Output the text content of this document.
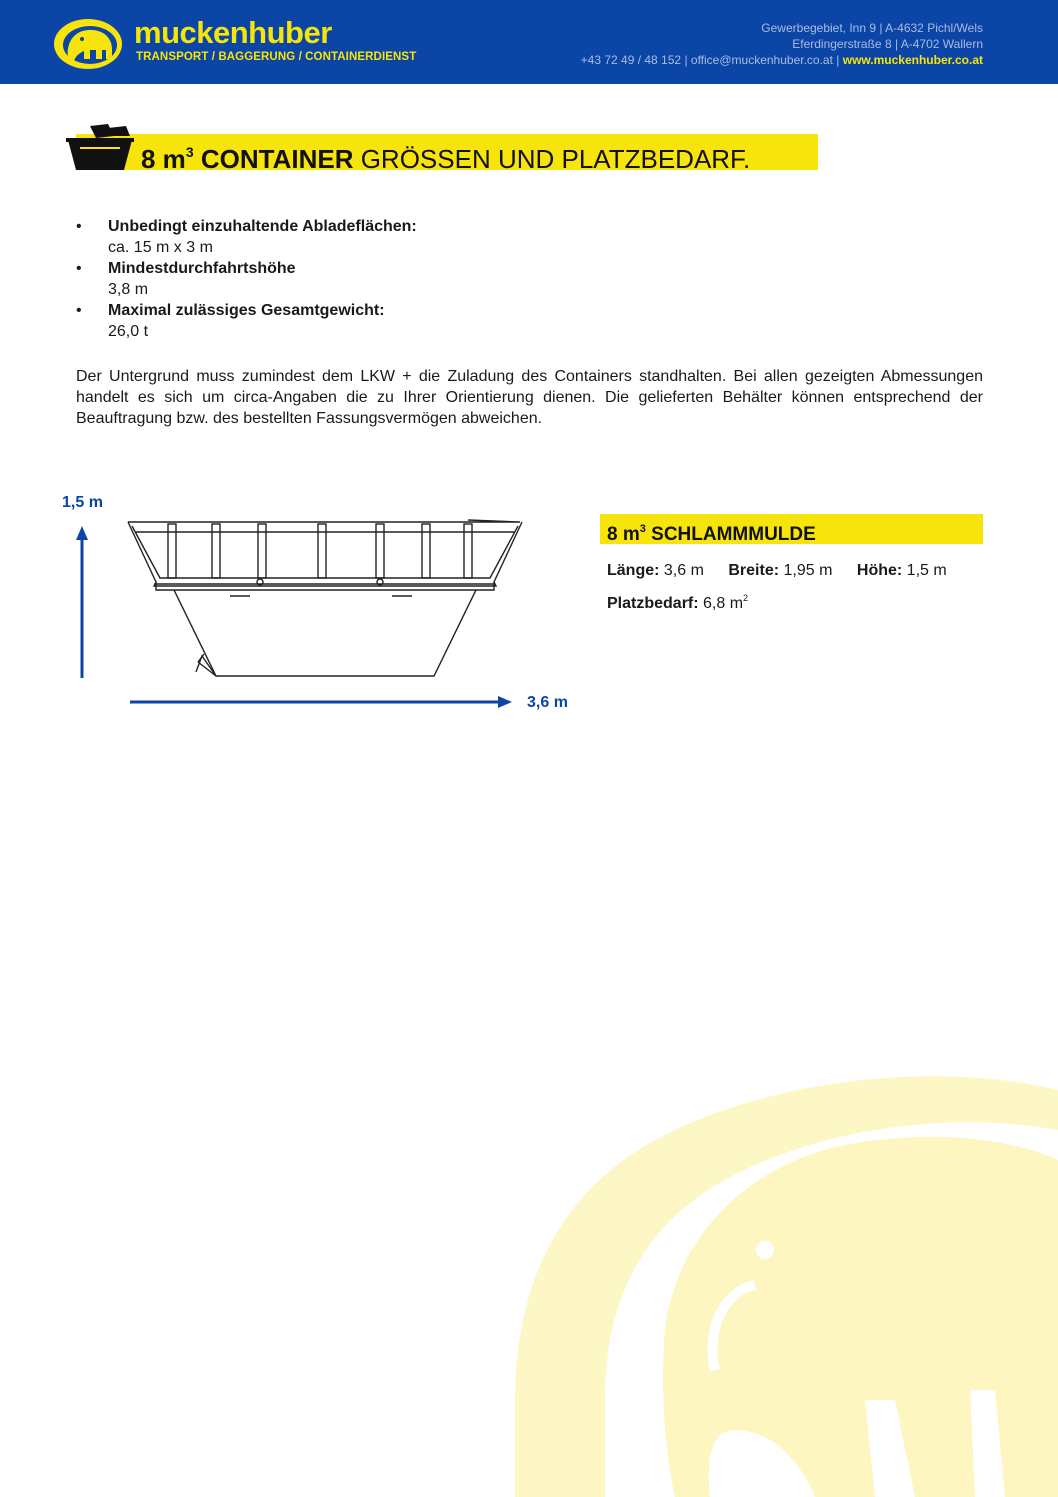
muckenhuber
TRANSPORT / BAGGERUNG / CONTAINERDIENST
Gewerbegebiet, Inn 9 | A-4632 Pichl/Wels
Eferdingerstraße 8 | A-4702 Wallern
+43 72 49 / 48 152 | office@muckenhuber.co.at | www.muckenhuber.co.at
8 $m^3$ CONTAINER GRÖSSEN UND PLATZBEDARF.
• Unbedingt einzuhaltende Abladeflächen:
ca. 15 m x 3 m
• Mindestdurchfahrtshöhe
3,8 m
• Maximal zulässiges Gesamtgewicht:
26,0 t
Der Untergrund muss zumindest dem LKW + die Zuladung des Containers standhalten. Bei allen gezeigten Abmessungen handelt es sich um circa-Angaben die zu Ihrer Orientierung dienen. Die gelieferten Behälter können entsprechend der Beauftragung bzw. des bestellten Fassungsvermögen abweichen.
1,5 m
3,6 m
8 $m^3$ SCHLAMMMULDE
Länge: 3,6 m Breite: 1,95 m Höhe: 1,5 m
Platzbedarf: 6,8 $m^2$
